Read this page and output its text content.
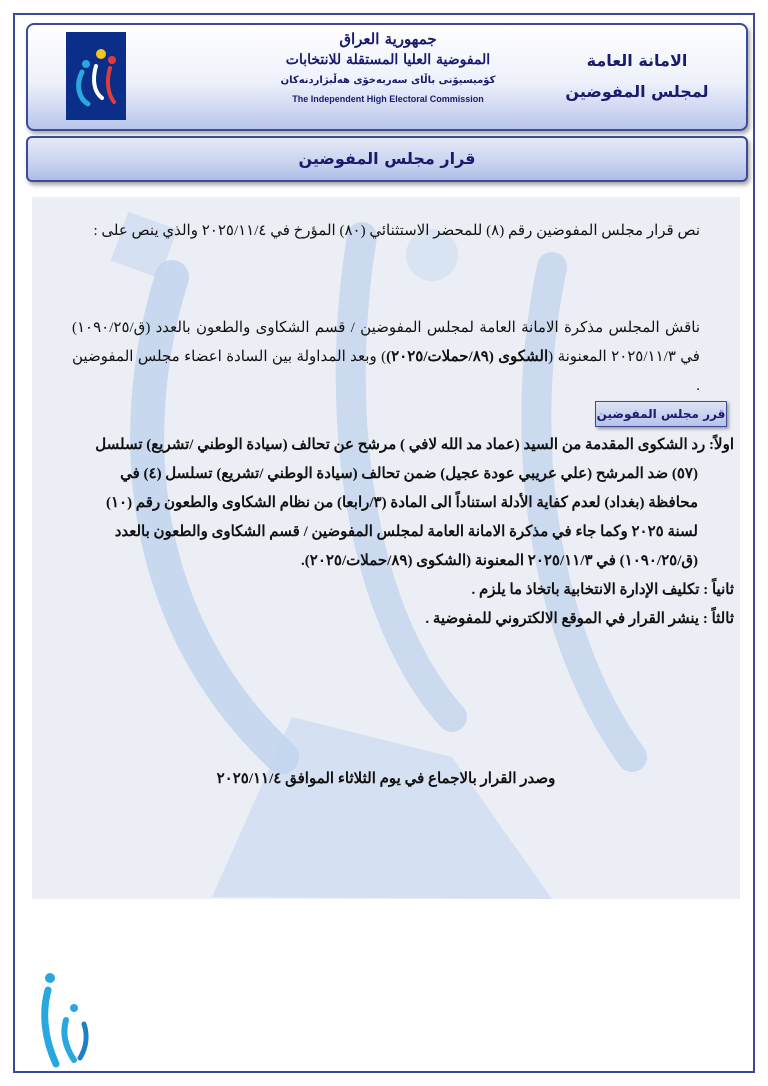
جمهورية العراق
المفوضية العليا المستقلة للانتخابات
کۆمیسیۆنی باڵای سەربەخۆی هەڵبژاردنەکان
The Independent High Electoral Commission
الامانة العامة
لمجلس المفوضين
قرار مجلس المفوضين
نص قرار مجلس المفوضين رقم (٨) للمحضر الاستثنائي (٨٠) المؤرخ في ٢٠٢٥/١١/٤ والذي ينص على :
ناقش المجلس مذكرة الامانة العامة لمجلس المفوضين / قسم الشكاوى والطعون بالعدد (ق/١٠٩٠/٢٥) في ٢٠٢٥/١١/٣ المعنونة (الشكوى (٨٩/حملات/٢٠٢٥)) وبعد المداولة بين السادة اعضاء مجلس المفوضين .
قرر مجلس المفوضين
اولاً: رد الشكوى المقدمة من السيد (عماد مد الله لافي ) مرشح عن تحالف (سيادة الوطني /تشريع) تسلسل
(٥٧) ضد المرشح (علي عريبي عودة عجيل) ضمن تحالف (سيادة الوطني /تشريع) تسلسل (٤) في
محافظة (بغداد) لعدم كفاية الأدلة استناداً الى المادة (٣/رابعا) من نظام الشكاوى والطعون رقم (١٠)
لسنة ٢٠٢٥ وكما جاء في مذكرة الامانة العامة لمجلس المفوضين / قسم الشكاوى والطعون بالعدد
(ق/١٠٩٠/٢٥) في ٢٠٢٥/١١/٣ المعنونة (الشكوى (٨٩/حملات/٢٠٢٥).
ثانياً : تكليف الإدارة الانتخابية باتخاذ ما يلزم .
ثالثاً : ينشر القرار في الموقع الالكتروني للمفوضية .
وصدر القرار بالاجماع في يوم الثلاثاء الموافق ٢٠٢٥/١١/٤
